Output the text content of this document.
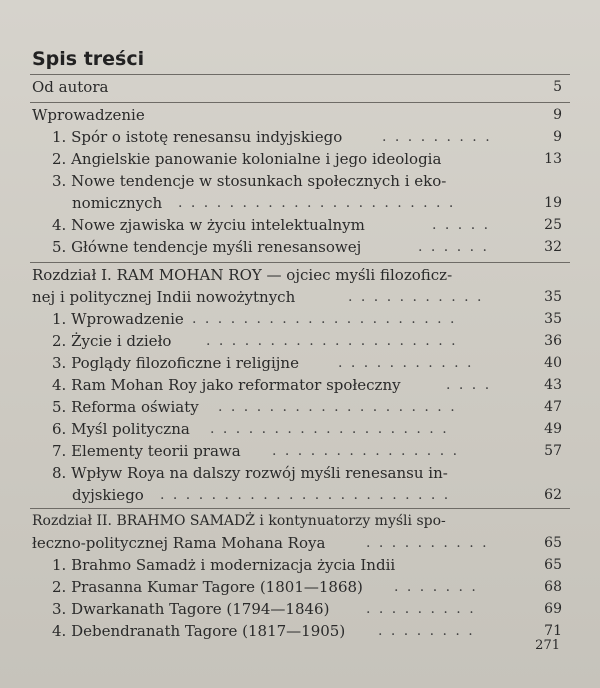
Spis treści
Od autora	5
Wprowadzenie	9
1. Spór o istotę renesansu indyjskiego	. . . . . . . . .	9
2. Angielskie panowanie kolonialne i jego ideologia	13
3. Nowe tendencje w stosunkach społecznych i eko-
nomicznych . . . . . . . . . . . . . . . . . . . . . .	19
4. Nowe zjawiska w życiu intelektualnym	. . . . .	25
5. Główne tendencje myśli renesansowej	. . . . . .	32
Rozdział I. RAM MOHAN ROY — ojciec myśli filozoficz-
nej i politycznej Indii nowożytnych	. . . . . . . . . . .	35
1. Wprowadzenie . . . . . . . . . . . . . . . . . . . . .	35
2. Życie i dzieło . . . . . . . . . . . . . . . . . . . .	36
3. Poglądy filozoficzne i religijne	. . . . . . . . . . .	40
4. Ram Mohan Roy jako reformator społeczny	. . . .	43
5. Reforma oświaty . . . . . . . . . . . . . . . . . . .	47
6. Myśl polityczna . . . . . . . . . . . . . . . . . . .	49
7. Elementy teorii prawa . . . . . . . . . . . . . . .	57
8. Wpływ Roya na dalszy rozwój myśli renesansu in-
dyjskiego . . . . . . . . . . . . . . . . . . . . . . .	62
Rozdział II. BRAHMO SAMADŻ i kontynuatorzy myśli spo-
łeczno-politycznej Rama Mohana Roya	. . . . . . . . . .	65
1. Brahmo Samadż i modernizacja życia Indii	65
2. Prasanna Kumar Tagore (1801—1868) . . . . . . .	68
3. Dwarkanath Tagore (1794—1846)	. . . . . . . . .	69
4. Debendranath Tagore (1817—1905) . . . . . . . .	71
271
